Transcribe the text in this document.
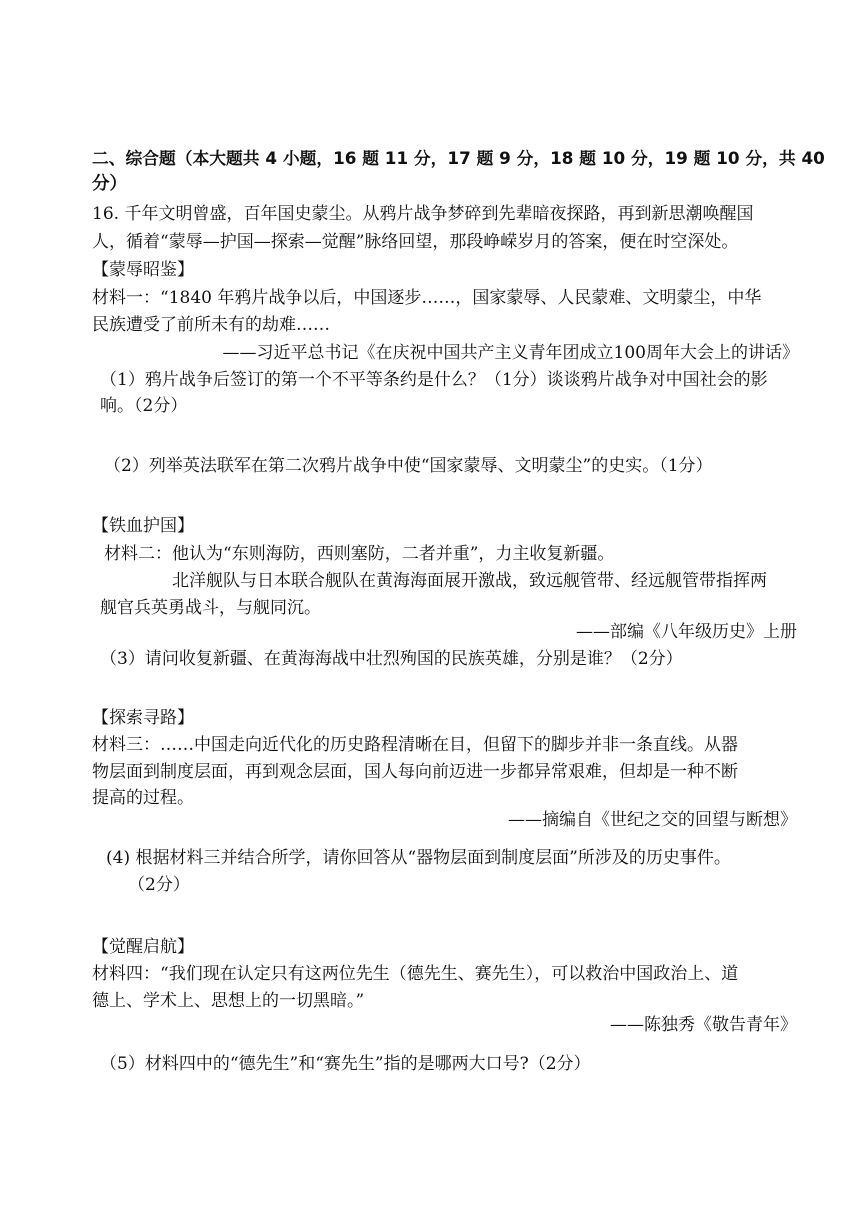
二、综合题（本大题共 4 小题，16 题 11 分，17 题 9 分，18 题 10 分，19 题 10 分，共 40
分）
16. 千年文明曾盛，百年国史蒙尘。从鸦片战争梦碎到先辈暗夜探路，再到新思潮唤醒国
人，循着“蒙辱—护国—探索—觉醒”脉络回望，那段峥嵘岁月的答案，便在时空深处。
【蒙辱昭鉴】
材料一：“1840 年鸦片战争以后，中国逐步……，国家蒙辱、人民蒙难、文明蒙尘，中华
民族遭受了前所未有的劫难……
——习近平总书记《在庆祝中国共产主义青年团成立100周年大会上的讲话》
（1）鸦片战争后签订的第一个不平等条约是什么？（1分）谈谈鸦片战争对中国社会的影
响。（2分）
（2）列举英法联军在第二次鸦片战争中使“国家蒙辱、文明蒙尘”的史实。（1分）
【铁血护国】
材料二：他认为“东则海防，西则塞防，二者并重”，力主收复新疆。
北洋舰队与日本联合舰队在黄海海面展开激战，致远舰管带、经远舰管带指挥两
舰官兵英勇战斗，与舰同沉。
——部编《八年级历史》上册
（3）请问收复新疆、在黄海海战中壮烈殉国的民族英雄，分别是谁？（2分）
【探索寻路】
材料三：……中国走向近代化的历史路程清晰在目，但留下的脚步并非一条直线。从器
物层面到制度层面，再到观念层面，国人每向前迈进一步都异常艰难，但却是一种不断
提高的过程。
——摘编自《世纪之交的回望与断想》
(4) 根据材料三并结合所学，请你回答从“器物层面到制度层面”所涉及的历史事件。
（2分）
【觉醒启航】
材料四：“我们现在认定只有这两位先生（德先生、赛先生），可以救治中国政治上、道
德上、学术上、思想上的一切黑暗。”
——陈独秀《敬告青年》
（5）材料四中的“德先生”和“赛先生”指的是哪两大口号?（2分）
